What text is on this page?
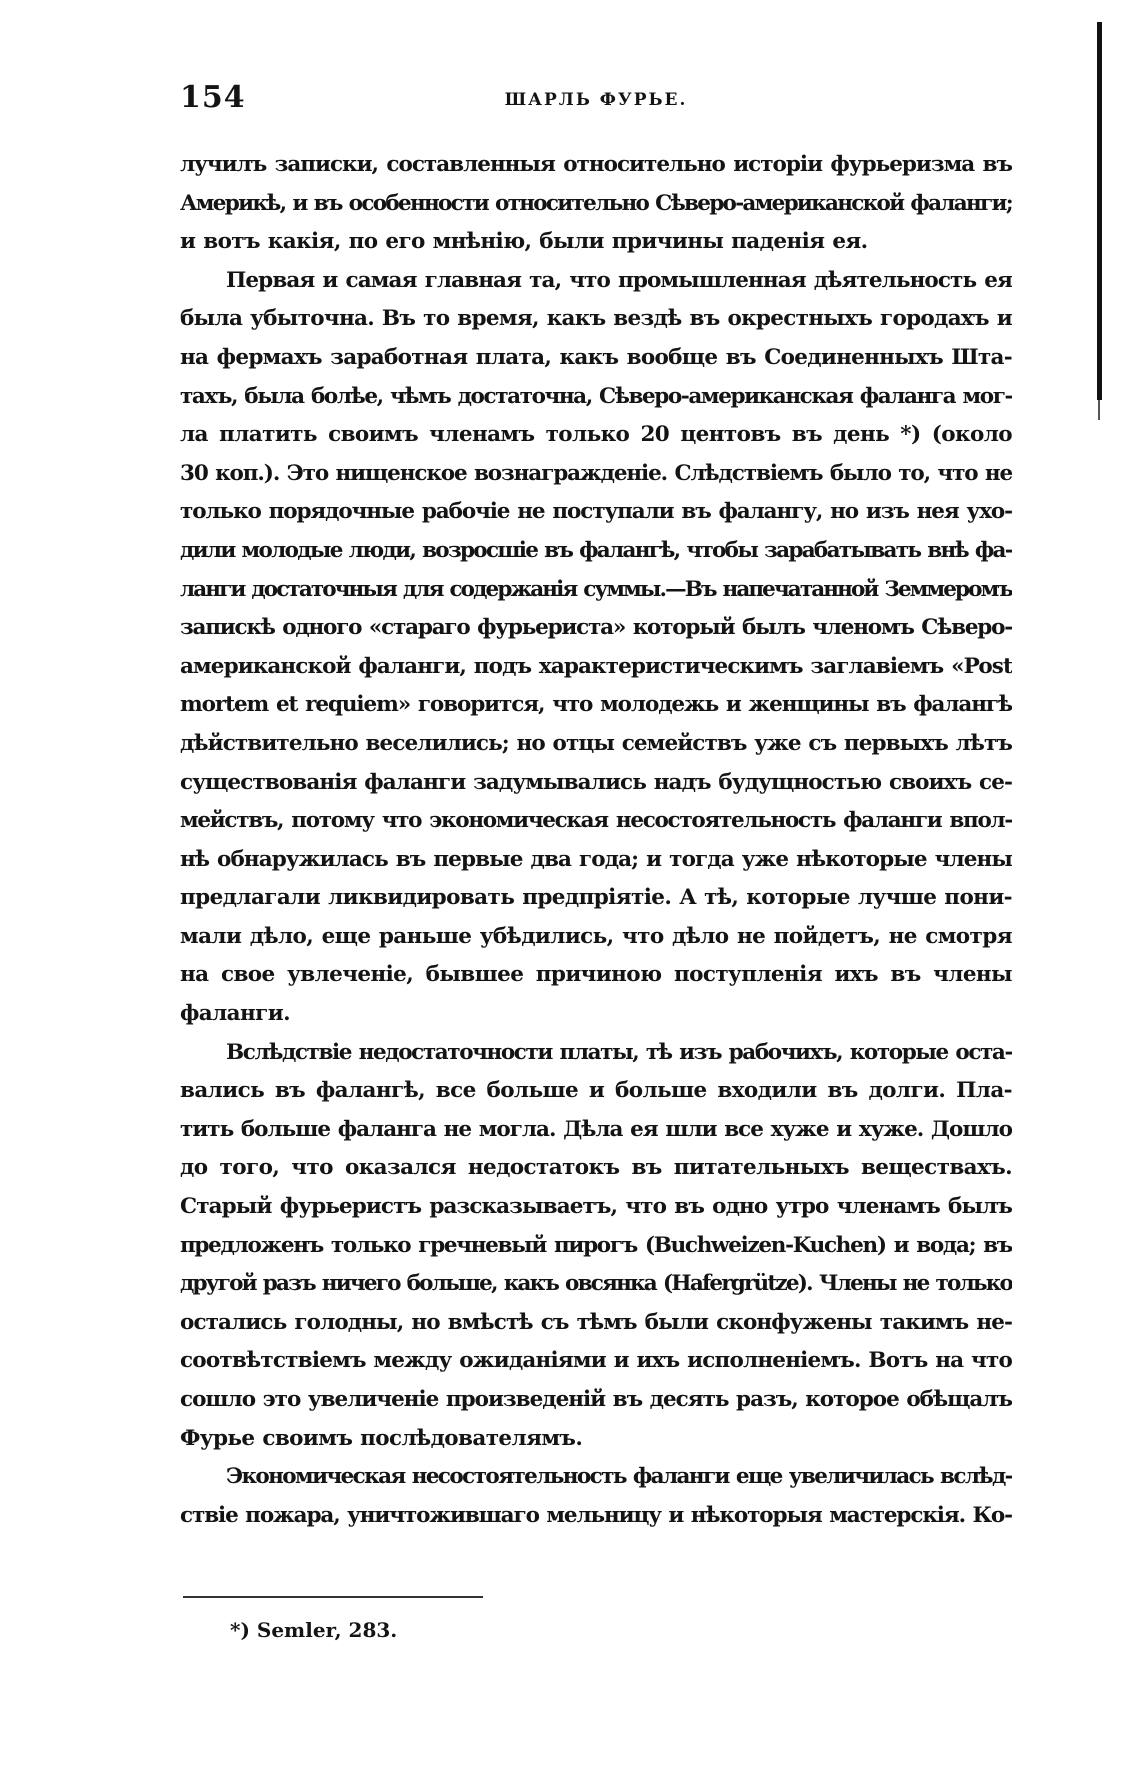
154	ШАРЛЬ ФУРЬЕ.
лучилъ записки, составленныя относительно исторіи фурьеризма въ
Америкѣ, и въ особенности относительно Сѣверо-американской фаланги;
и вотъ какія, по его мнѣнію, были причины паденія ея.
Первая и самая главная та, что промышленная дѣятельность ея
была убыточна. Въ то время, какъ вездѣ въ окрестныхъ городахъ и
на фермахъ заработная плата, какъ вообще въ Соединенныхъ Шта-
тахъ, была болѣе, чѣмъ достаточна, Сѣверо-американская фаланга мог-
ла платить своимъ членамъ только 20 центовъ въ день *) (около
30 коп.). Это нищенское вознагражденіе. Слѣдствіемъ было то, что не
только порядочные рабочіе не поступали въ фалангу, но изъ нея ухо-
дили молодые люди, возросшіе въ фалангѣ, чтобы зарабатывать внѣ фа-
ланги достаточныя для содержанія суммы.—Въ напечатанной Земмеромъ
запискѣ одного «стараго фурьериста» который былъ членомъ Сѣверо-
американской фаланги, подъ характеристическимъ заглавіемъ «Post
mortem et requiem» говорится, что молодежь и женщины въ фалангѣ
дѣйствительно веселились; но отцы семействъ уже съ первыхъ лѣтъ
существованія фаланги задумывались надъ будущностью своихъ се-
мействъ, потому что экономическая несостоятельность фаланги впол-
нѣ обнаружилась въ первые два года; и тогда уже нѣкоторые члены
предлагали ликвидировать предпріятіе. А тѣ, которые лучше пони-
мали дѣло, еще раньше убѣдились, что дѣло не пойдетъ, не смотря
на свое увлеченіе, бывшее причиною поступленія ихъ въ члены
фаланги.
Вслѣдствіе недостаточности платы, тѣ изъ рабочихъ, которые оста-
вались въ фалангѣ, все больше и больше входили въ долги. Пла-
тить больше фаланга не могла. Дѣла ея шли все хуже и хуже. Дошло
до того, что оказался недостатокъ въ питательныхъ веществахъ.
Старый фурьеристъ разсказываетъ, что въ одно утро членамъ былъ
предложенъ только гречневый пирогъ (Buchweizen-Kuchen) и вода; въ
другой разъ ничего больше, какъ овсянка (Hafergrütze). Члены не только
остались голодны, но вмѣстѣ съ тѣмъ были сконфужены такимъ не-
соотвѣтствіемъ между ожиданіями и ихъ исполненіемъ. Вотъ на что
сошло это увеличеніе произведеній въ десять разъ, которое обѣщалъ
Фурье своимъ послѣдователямъ.
Экономическая несостоятельность фаланги еще увеличилась вслѣд-
ствіе пожара, уничтожившаго мельницу и нѣкоторыя мастерскія. Ко-
*) Semler, 283.
